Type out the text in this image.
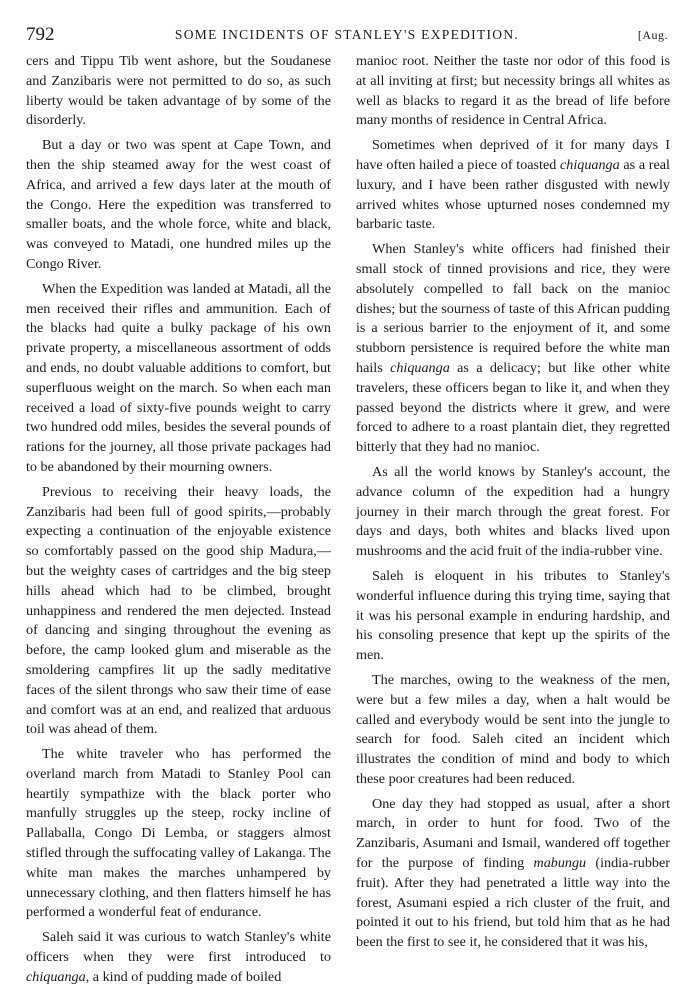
792	SOME INCIDENTS OF STANLEY'S EXPEDITION.	[Aug.

cers and Tippu Tib went ashore, but the Soudanese and Zanzibaris were not permitted to do so, as such liberty would be taken advantage of by some of the disorderly.

But a day or two was spent at Cape Town, and then the ship steamed away for the west coast of Africa, and arrived a few days later at the mouth of the Congo. Here the expedition was transferred to smaller boats, and the whole force, white and black, was conveyed to Matadi, one hundred miles up the Congo River.

When the Expedition was landed at Matadi, all the men received their rifles and ammunition. Each of the blacks had quite a bulky package of his own private property, a miscellaneous assortment of odds and ends, no doubt valuable additions to comfort, but superfluous weight on the march. So when each man received a load of sixty-five pounds weight to carry two hundred odd miles, besides the several pounds of rations for the journey, all those private packages had to be abandoned by their mourning owners.

Previous to receiving their heavy loads, the Zanzibaris had been full of good spirits,—probably expecting a continuation of the enjoyable existence so comfortably passed on the good ship Madura,—but the weighty cases of cartridges and the big steep hills ahead which had to be climbed, brought unhappiness and rendered the men dejected. Instead of dancing and singing throughout the evening as before, the camp looked glum and miserable as the smoldering campfires lit up the sadly meditative faces of the silent throngs who saw their time of ease and comfort was at an end, and realized that arduous toil was ahead of them.

The white traveler who has performed the overland march from Matadi to Stanley Pool can heartily sympathize with the black porter who manfully struggles up the steep, rocky incline of Pallaballa, Congo Di Lemba, or staggers almost stifled through the suffocating valley of Lakanga. The white man makes the marches unhampered by unnecessary clothing, and then flatters himself he has performed a wonderful feat of endurance.

Saleh said it was curious to watch Stanley's white officers when they were first introduced to chiquanga, a kind of pudding made of boiled

manioc root. Neither the taste nor odor of this food is at all inviting at first; but necessity brings all whites as well as blacks to regard it as the bread of life before many months of residence in Central Africa.

Sometimes when deprived of it for many days I have often hailed a piece of toasted chiquanga as a real luxury, and I have been rather disgusted with newly arrived whites whose upturned noses condemned my barbaric taste.

When Stanley's white officers had finished their small stock of tinned provisions and rice, they were absolutely compelled to fall back on the manioc dishes; but the sourness of taste of this African pudding is a serious barrier to the enjoyment of it, and some stubborn persistence is required before the white man hails chiquanga as a delicacy; but like other white travelers, these officers began to like it, and when they passed beyond the districts where it grew, and were forced to adhere to a roast plantain diet, they regretted bitterly that they had no manioc.

As all the world knows by Stanley's account, the advance column of the expedition had a hungry journey in their march through the great forest. For days and days, both whites and blacks lived upon mushrooms and the acid fruit of the india-rubber vine.

Saleh is eloquent in his tributes to Stanley's wonderful influence during this trying time, saying that it was his personal example in enduring hardship, and his consoling presence that kept up the spirits of the men.

The marches, owing to the weakness of the men, were but a few miles a day, when a halt would be called and everybody would be sent into the jungle to search for food. Saleh cited an incident which illustrates the condition of mind and body to which these poor creatures had been reduced.

One day they had stopped as usual, after a short march, in order to hunt for food. Two of the Zanzibaris, Asumani and Ismail, wandered off together for the purpose of finding mabungu (india-rubber fruit). After they had penetrated a little way into the forest, Asumani espied a rich cluster of the fruit, and pointed it out to his friend, but told him that as he had been the first to see it, he considered that it was his,
